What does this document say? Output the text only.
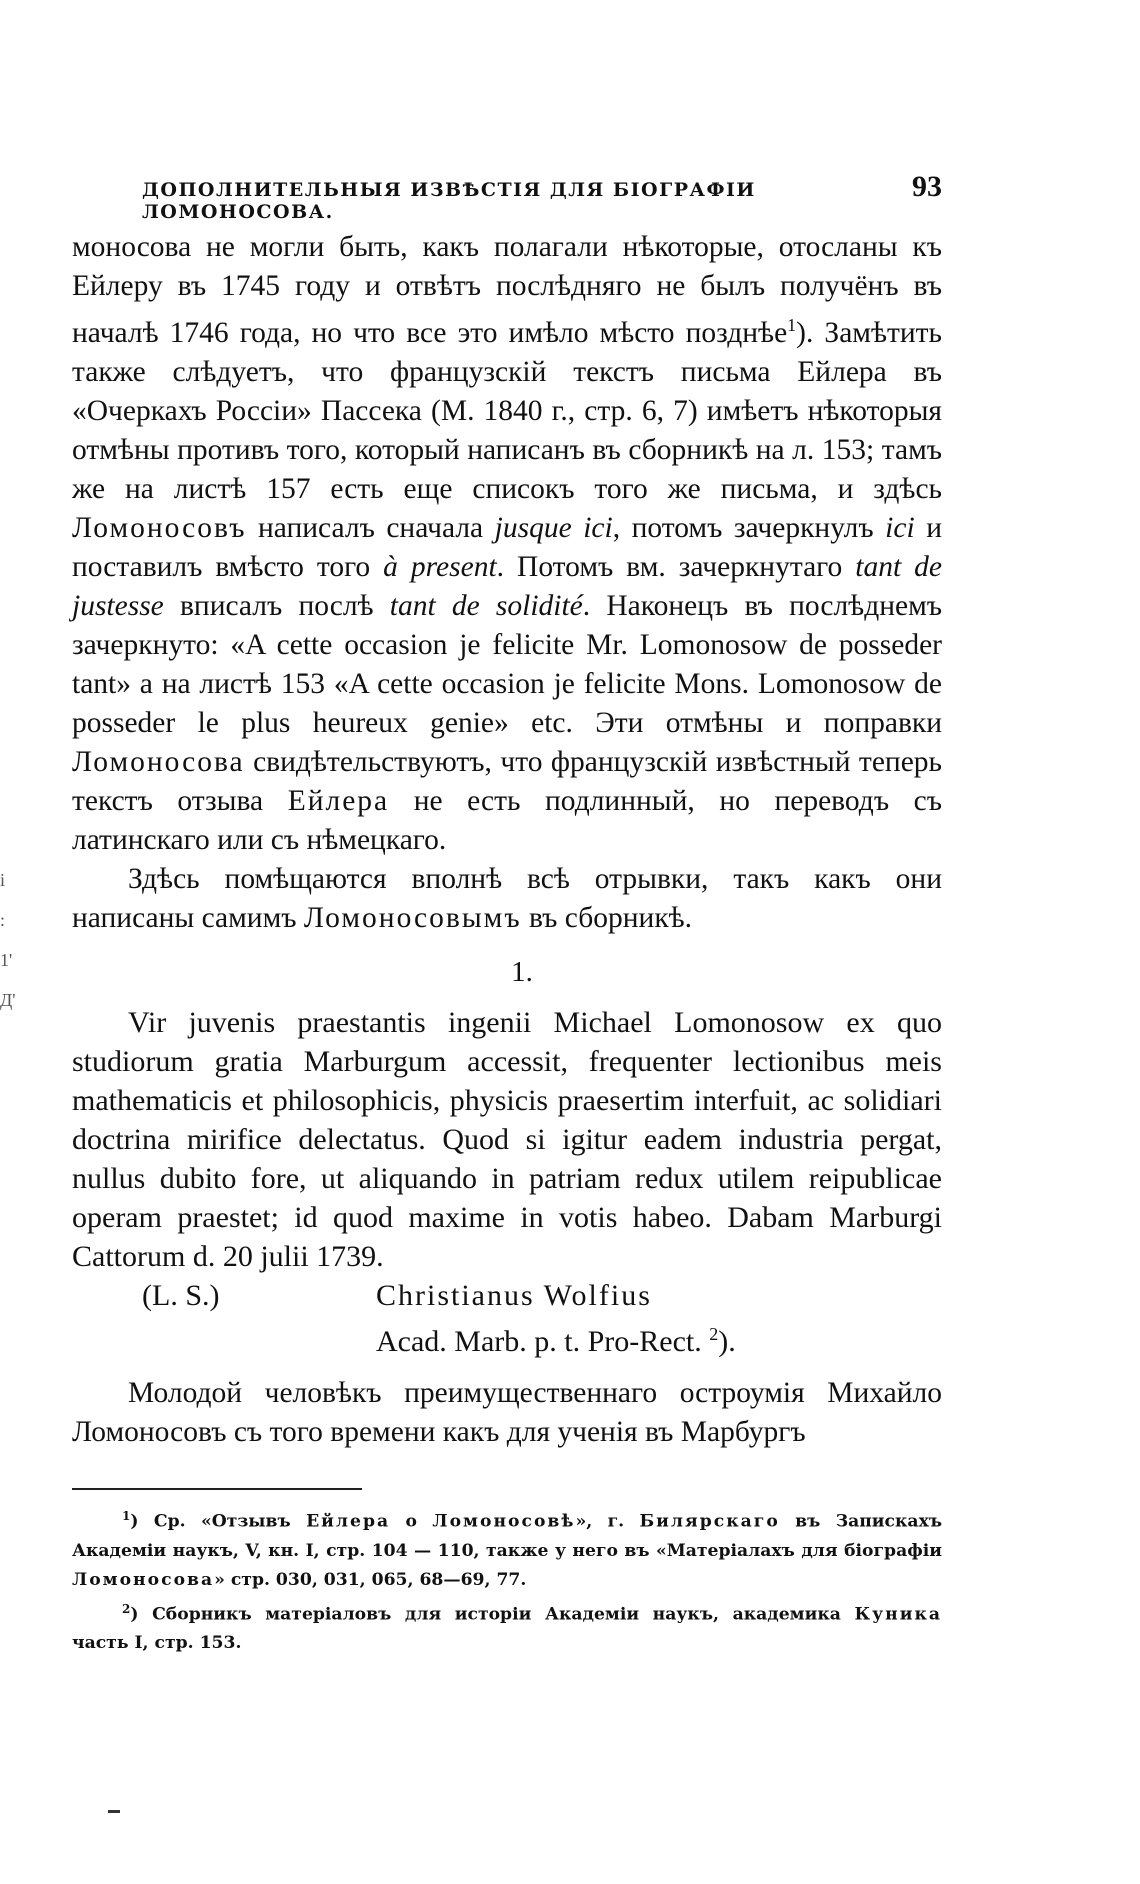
i
:
1'
Д'
ДОПОЛНИТЕЛЬНЫЯ ИЗВѢСТІЯ ДЛЯ БІОГРАФІИ ЛОМОНОСОВА.
93

моносова не могли быть, какъ полагали нѣкоторые, отосланы къ Ейлеру въ 1745 году и отвѣтъ послѣдняго не былъ получёнъ въ началѣ 1746 года, но что все это имѣло мѣсто позднѣе$^1$). Замѣтить также слѣдуетъ, что французскій текстъ письма Ейлера въ «Очеркахъ Россіи» Пассека (М. 1840 г., стр. 6, 7) имѣетъ нѣкоторыя отмѣны противъ того, который написанъ въ сборникѣ на л. 153; тамъ же на листѣ 157 есть еще списокъ того же письма, и здѣсь Ломоносовъ написалъ сначала jusque ici, потомъ зачеркнулъ ici и поставилъ вмѣсто того à present. Потомъ вм. зачеркнутаго tant de justesse вписалъ послѣ tant de solidité. Наконецъ въ послѣднемъ зачеркнуто: «A cette occasion je felicite Mr. Lomonosow de posseder tant» а на листѣ 153 «A cette occasion je felicite Mons. Lomonosow de posseder le plus heureux genie» etc. Эти отмѣны и поправки Ломоносова свидѣтельствуютъ, что французскій извѣстный теперь текстъ отзыва Ейлера не есть подлинный, но переводъ съ латинскаго или съ нѣмецкаго.

Здѣсь помѣщаются вполнѣ всѣ отрывки, такъ какъ они написаны самимъ Ломоносовымъ въ сборникѣ.

1.

Vir juvenis praestantis ingenii Michael Lomonosow ex quo studiorum gratia Marburgum accessit, frequenter lectionibus meis mathematicis et philosophicis, physicis praesertim interfuit, ac solidiari doctrina mirifice delectatus. Quod si igitur eadem industria pergat, nullus dubito fore, ut aliquando in patriam redux utilem reipublicae operam praestet; id quod maxime in votis habeo. Dabam Marburgi Cattorum d. 20 julii 1739.

(L. S.)	Christianus Wolfius
Acad. Marb. p. t. Pro-Rect. $^2$).

Молодой человѣкъ преимущественнаго остроумія Михайло Ломоносовъ съ того времени какъ для ученія въ Марбургъ

$^1$) Ср. «Отзывъ Ейлера о Ломоносовѣ», г. Билярскаго въ Запискахъ Академіи наукъ, V, кн. I, стр. 104 — 110, также у него въ «Матеріалахъ для біографіи Ломоносова» стр. 030, 031, 065, 68—69, 77.

$^2$) Сборникъ матеріаловъ для исторіи Академіи наукъ, академика Куника часть I, стр. 153.
